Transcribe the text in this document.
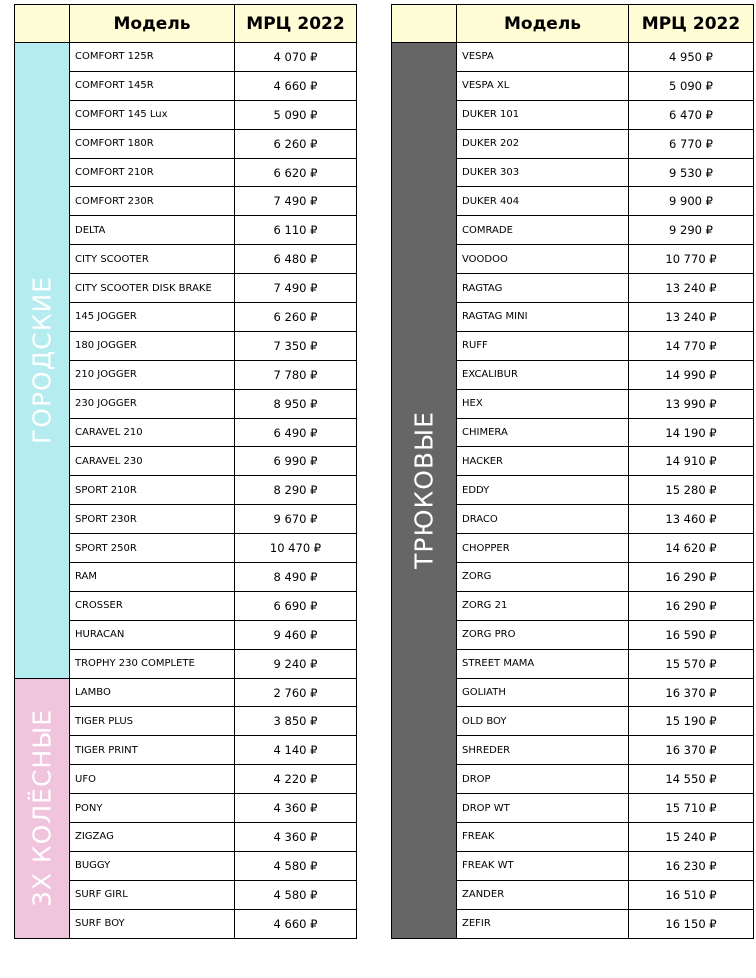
	Модель	МРЦ 2022

ГОРОДСКИЕ	COMFORT 125R	4 070 ₽
	COMFORT 145R	4 660 ₽
	COMFORT 145 Lux	5 090 ₽
	COMFORT 180R	6 260 ₽
	COMFORT 210R	6 620 ₽
	COMFORT 230R	7 490 ₽
	DELTA	6 110 ₽
	CITY SCOOTER	6 480 ₽
	CITY SCOOTER DISK BRAKE	7 490 ₽
	145 JOGGER	6 260 ₽
	180 JOGGER	7 350 ₽
	210 JOGGER	7 780 ₽
	230 JOGGER	8 950 ₽
	CARAVEL 210	6 490 ₽
	CARAVEL 230	6 990 ₽
	SPORT 210R	8 290 ₽
	SPORT 230R	9 670 ₽
	SPORT 250R	10 470 ₽
	RAM	8 490 ₽
	CROSSER	6 690 ₽
	HURACAN	9 460 ₽
	TROPHY 230 COMPLETE	9 240 ₽

3Х КОЛЁСНЫЕ	LAMBO	2 760 ₽
	TIGER PLUS	3 850 ₽
	TIGER PRINT	4 140 ₽
	UFO	4 220 ₽
	PONY	4 360 ₽
	ZIGZAG	4 360 ₽
	BUGGY	4 580 ₽
	SURF GIRL	4 580 ₽
	SURF BOY	4 660 ₽
	Модель	МРЦ 2022

ТРЮКОВЫЕ	VESPA	4 950 ₽
	VESPA XL	5 090 ₽
	DUKER 101	6 470 ₽
	DUKER 202	6 770 ₽
	DUKER 303	9 530 ₽
	DUKER 404	9 900 ₽
	COMRADE	9 290 ₽
	VOODOO	10 770 ₽
	RAGTAG	13 240 ₽
	RAGTAG MINI	13 240 ₽
	RUFF	14 770 ₽
	EXCALIBUR	14 990 ₽
	HEX	13 990 ₽
	CHIMERA	14 190 ₽
	HACKER	14 910 ₽
	EDDY	15 280 ₽
	DRACO	13 460 ₽
	CHOPPER	14 620 ₽
	ZORG	16 290 ₽
	ZORG 21	16 290 ₽
	ZORG PRO	16 590 ₽
	STREET MAMA	15 570 ₽
	GOLIATH	16 370 ₽
	OLD BOY	15 190 ₽
	SHREDER	16 370 ₽
	DROP	14 550 ₽
	DROP WT	15 710 ₽
	FREAK	15 240 ₽
	FREAK WT	16 230 ₽
	ZANDER	16 510 ₽
	ZEFIR	16 150 ₽
